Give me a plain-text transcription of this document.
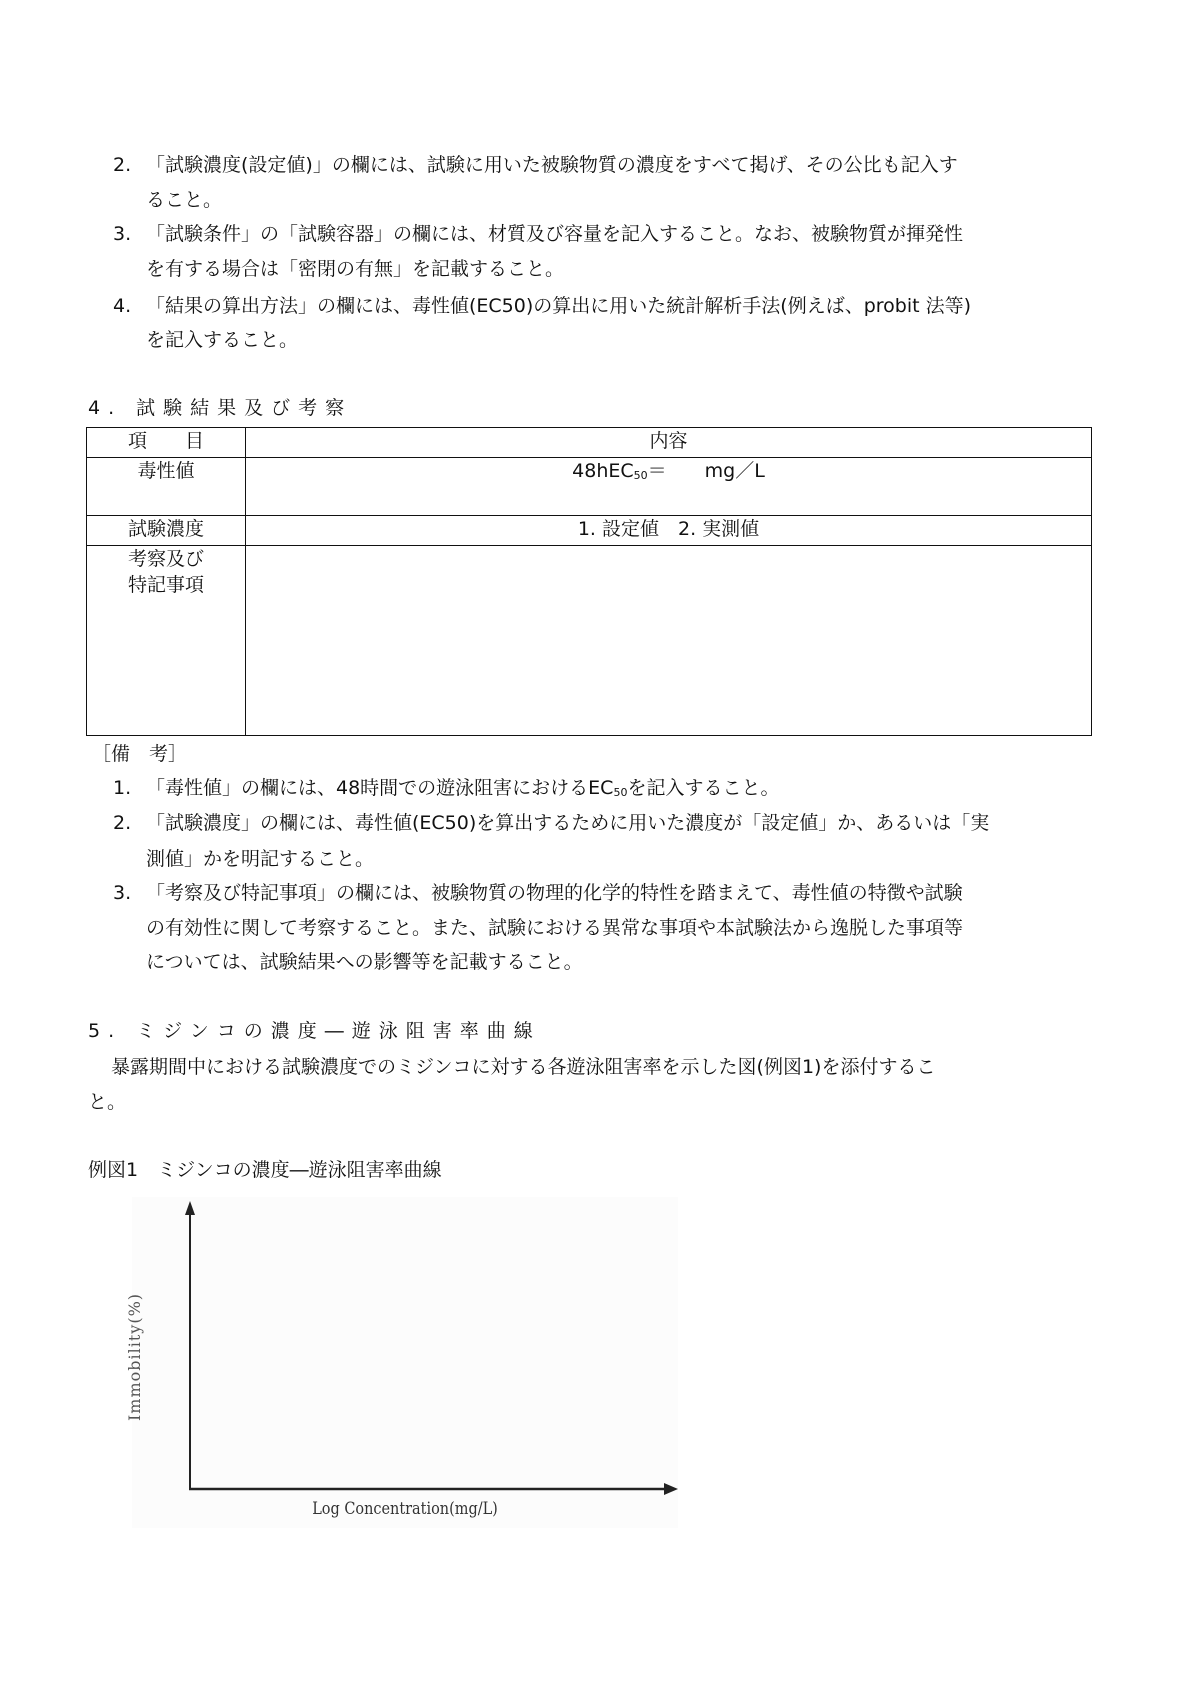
2. 「試験濃度(設定値)」の欄には、試験に用いた被験物質の濃度をすべて掲げ、その公比も記入す
ること。
3. 「試験条件」の「試験容器」の欄には、材質及び容量を記入すること。なお、被験物質が揮発性
を有する場合は「密閉の有無」を記載すること。
4. 「結果の算出方法」の欄には、毒性値(EC50)の算出に用いた統計解析手法(例えば、probit 法等)
を記入すること。
4. 試験結果及び考察
項　　目	内容
毒性値	48hEC$_{50}$＝　　mg／L
試験濃度	1. 設定値　2. 実測値

考察及び
特記事項	

［備　考］
1. 「毒性値」の欄には、48時間での遊泳阻害における$EC_{50}$を記入すること。
2. 「試験濃度」の欄には、毒性値(EC50)を算出するために用いた濃度が「設定値」か、あるいは「実
測値」かを明記すること。
3. 「考察及び特記事項」の欄には、被験物質の物理的化学的特性を踏まえて、毒性値の特徴や試験
の有効性に関して考察すること。また、試験における異常な事項や本試験法から逸脱した事項等
については、試験結果への影響等を記載すること。
5. ミジンコの濃度―遊泳阻害率曲線
　暴露期間中における試験濃度でのミジンコに対する各遊泳阻害率を示した図(例図1)を添付するこ
と。
例図1　ミジンコの濃度―遊泳阻害率曲線
Immobility(%)
Log Concentration(mg/L)
